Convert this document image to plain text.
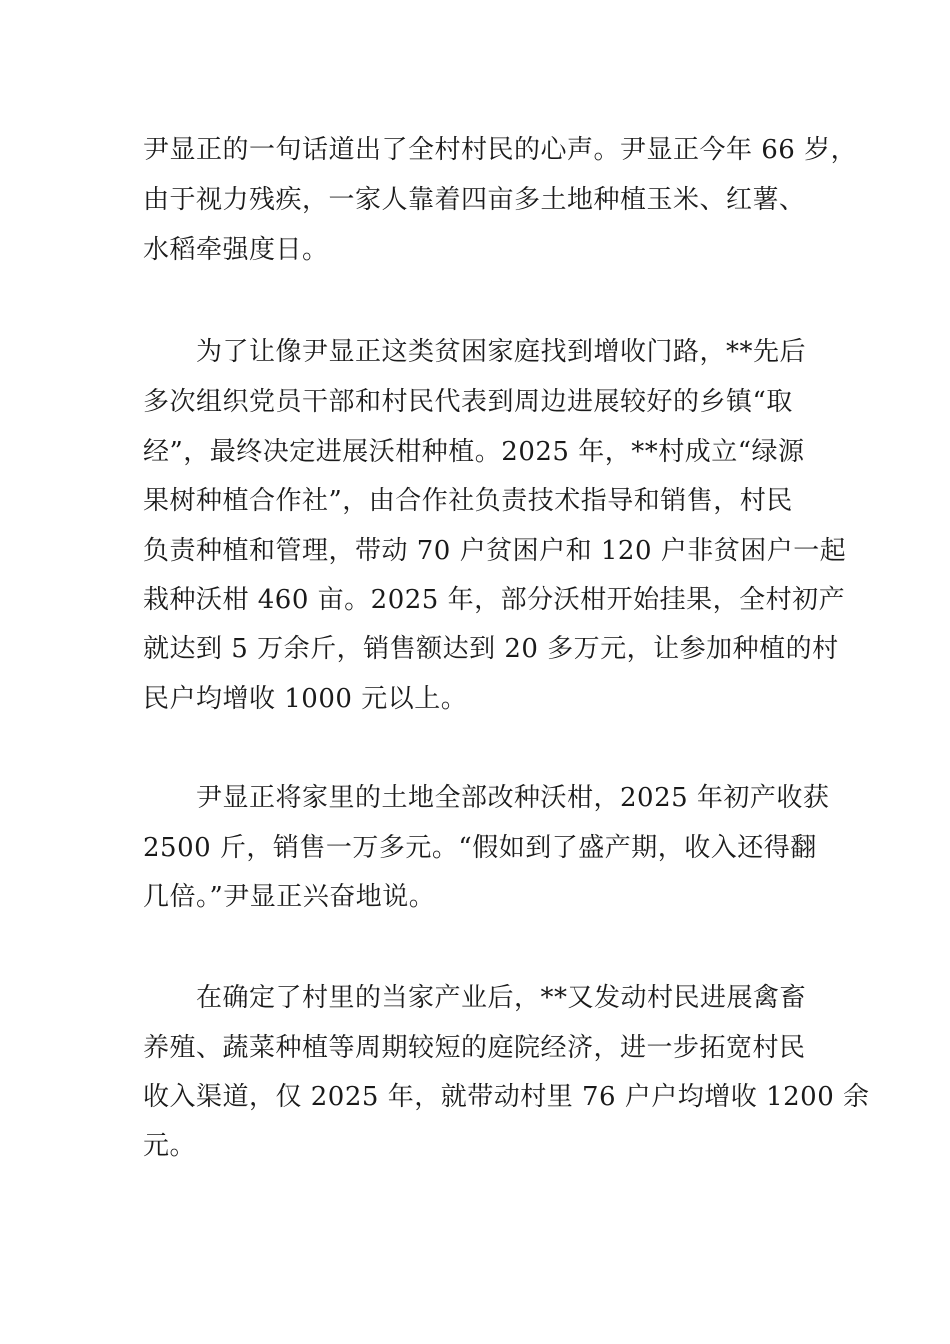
尹显正的一句话道出了全村村民的心声。尹显正今年 66 岁，
由于视力残疾，一家人靠着四亩多土地种植玉米、红薯、
水稻牵强度日。
为了让像尹显正这类贫困家庭找到增收门路，**先后
多次组织党员干部和村民代表到周边进展较好的乡镇“取
经”，最终决定进展沃柑种植。2025 年，**村成立“绿源
果树种植合作社”，由合作社负责技术指导和销售，村民
负责种植和管理，带动 70 户贫困户和 120 户非贫困户一起
栽种沃柑 460 亩。2025 年，部分沃柑开始挂果，全村初产
就达到 5 万余斤，销售额达到 20 多万元，让参加种植的村
民户均增收 1000 元以上。
尹显正将家里的土地全部改种沃柑，2025 年初产收获
2500 斤，销售一万多元。“假如到了盛产期，收入还得翻
几倍。”尹显正兴奋地说。
在确定了村里的当家产业后，**又发动村民进展禽畜
养殖、蔬菜种植等周期较短的庭院经济，进一步拓宽村民
收入渠道，仅 2025 年，就带动村里 76 户户均增收 1200 余
元。
